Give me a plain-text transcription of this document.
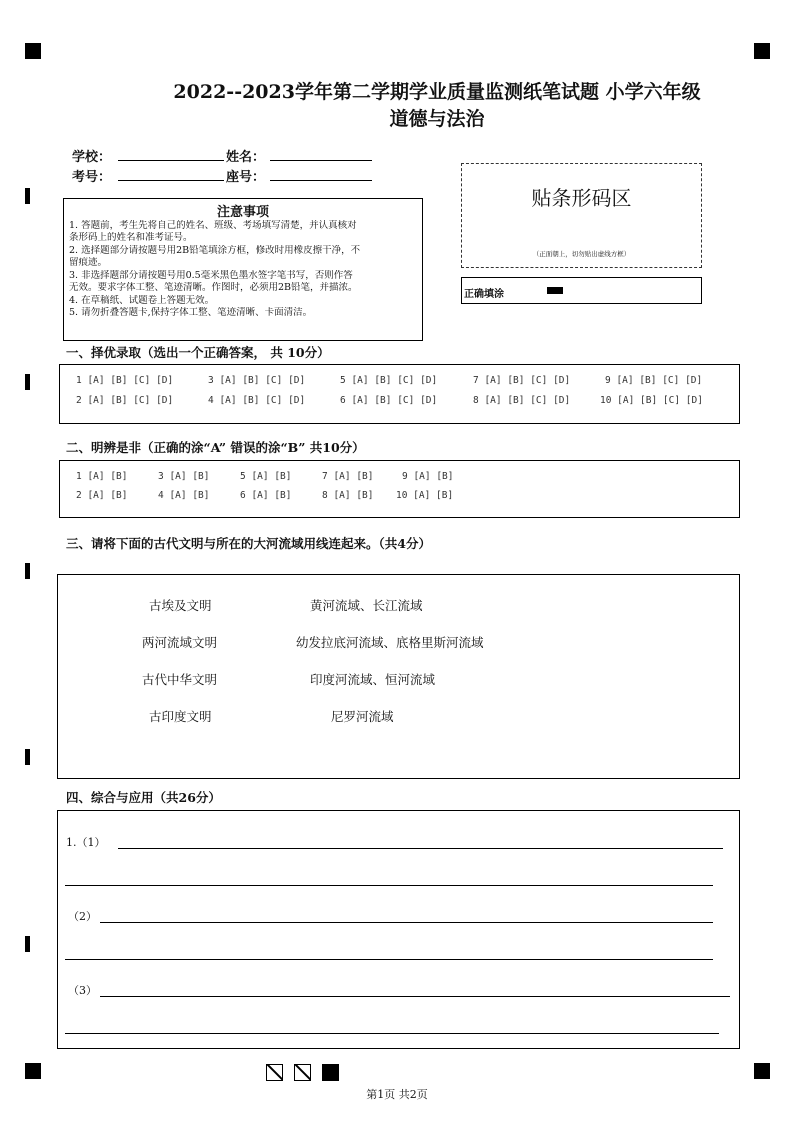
2022--2023学年第二学期学业质量监测纸笔试题 小学六年级
道德与法治
学校：	姓名：
考号：	座号：
贴条形码区
（正面朝上，切勿贴出虚线方框）
正确填涂
注意事项
1. 答题前，考生先将自己的姓名、班级、考场填写清楚，并认真核对
条形码上的姓名和准考证号。
2. 选择题部分请按题号用2B铅笔填涂方框，修改时用橡皮擦干净，不
留痕迹。
3. 非选择题部分请按题号用0.5毫米黑色墨水签字笔书写，否则作答
无效。要求字体工整、笔迹清晰。作图时，必须用2B铅笔，并描浓。
4. 在草稿纸、试题卷上答题无效。
5. 请勿折叠答题卡,保持字体工整、笔迹清晰、卡面清洁。
一、择优录取（选出一个正确答案， 共 10分）
1 [A] [B] [C] [D]	3 [A] [B] [C] [D]	5 [A] [B] [C] [D]	7 [A] [B] [C] [D]	9 [A] [B] [C] [D]
2 [A] [B] [C] [D]	4 [A] [B] [C] [D]	6 [A] [B] [C] [D]	8 [A] [B] [C] [D]	10 [A] [B] [C] [D]
二、明辨是非（正确的涂“A” 错误的涂“B” 共10分）
1 [A] [B]	3 [A] [B]	5 [A] [B]	7 [A] [B]	9 [A] [B]
2 [A] [B]	4 [A] [B]	6 [A] [B]	8 [A] [B] 10 [A] [B]
三、请将下面的古代文明与所在的大河流域用线连起来。（共4分）
古埃及文明
两河流域文明
古代中华文明
古印度文明
黄河流域、长江流域
幼发拉底河流域、底格里斯河流域
印度河流域、恒河流域
尼罗河流域
四、综合与应用（共26分）
1.（1）
（2）
（3）
第1页 共2页
